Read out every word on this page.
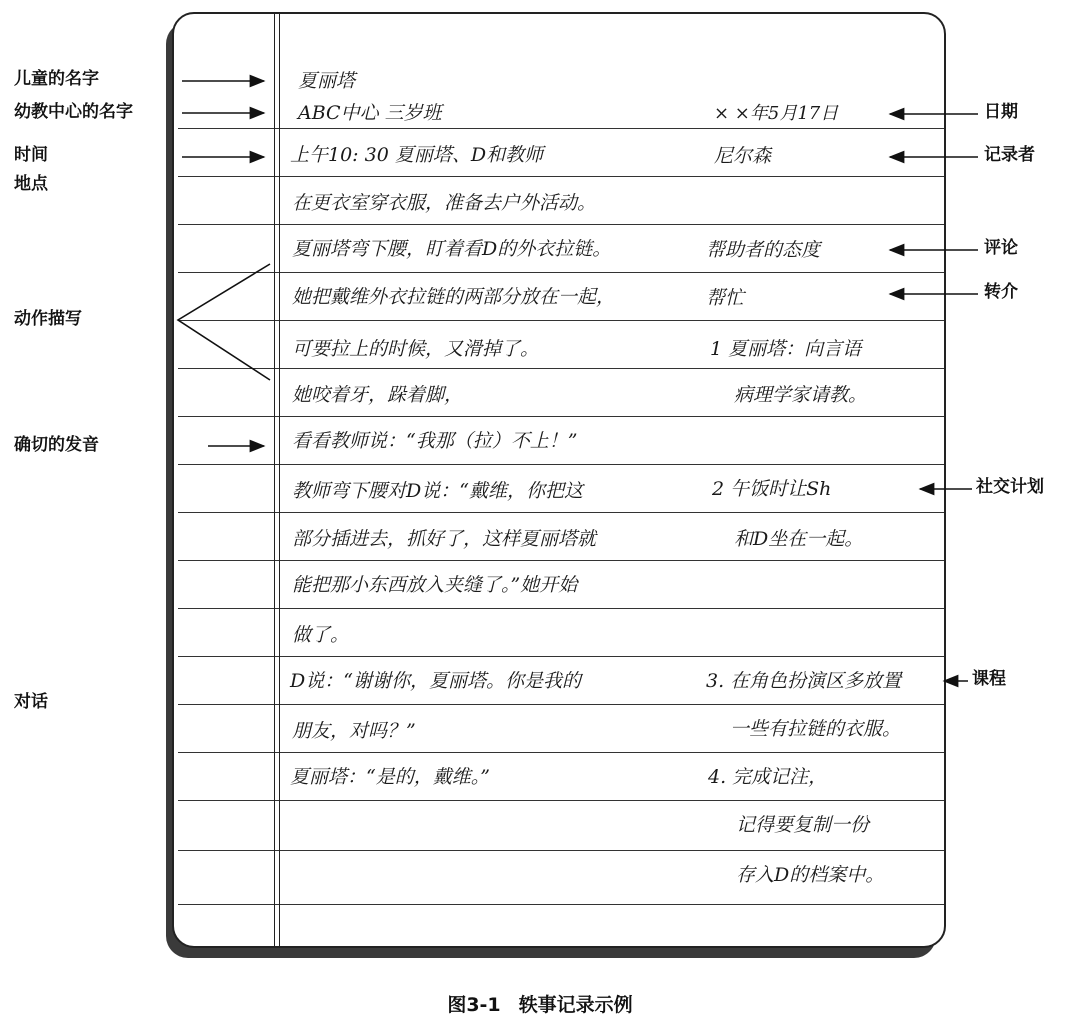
夏丽塔
ABC中心 三岁班	× ×年5月17日
上午10: 30 夏丽塔、D和教师	尼尔森
在更衣室穿衣服，准备去户外活动。
夏丽塔弯下腰，盯着看D的外衣拉链。	帮助者的态度
她把戴维外衣拉链的两部分放在一起，	帮忙
可要拉上的时候，又滑掉了。	1 夏丽塔：向言语
她咬着牙，跺着脚，	病理学家请教。
看看教师说：“我那（拉）不上！”
教师弯下腰对D说：“戴维，你把这	2 午饭时让Sh
部分插进去，抓好了，这样夏丽塔就	和D坐在一起。
能把那小东西放入夹缝了。”她开始
做了。
D说：“谢谢你，夏丽塔。你是我的	3. 在角色扮演区多放置
朋友，对吗？”	一些有拉链的衣服。
夏丽塔：“是的，戴维。”	4. 完成记注，
记得要复制一份
存入D的档案中。
儿童的名字
幼教中心的名字
时间
地点
动作描写
确切的发音
对话
日期
记录者
评论
转介
社交计划
课程
图3-1 轶事记录示例
